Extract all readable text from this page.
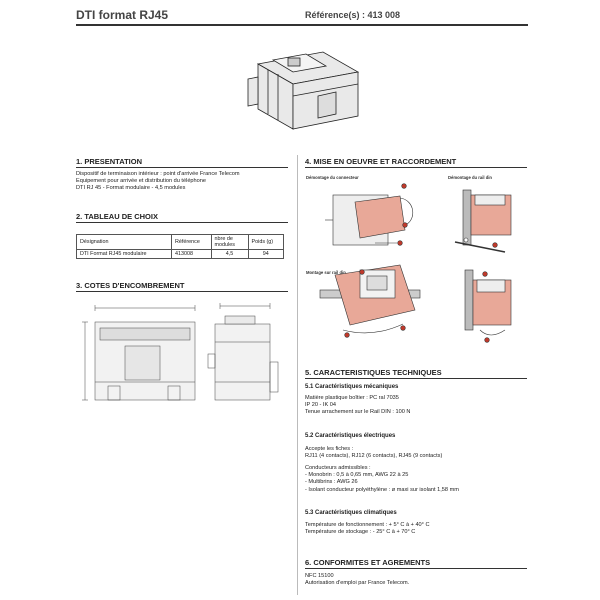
DTI format RJ45	Référence(s) : 413 008
1. PRESENTATION
Dispositif de terminaison intérieur : point d'arrivée France Telecom
Equipement pour arrivée et distribution du téléphone
DTI RJ 45 - Format modulaire - 4,5 modules
2. TABLEAU DE CHOIX
Désignation	Référence	nbre de modules	Poids (g)
DTI Format RJ45 modulaire	413008	4,5	94
3. COTES D'ENCOMBREMENT
4. MISE EN OEUVRE ET RACCORDEMENT
Démontage du connecteur	Démontage du rail din
Montage sur rail din
5. CARACTERISTIQUES TECHNIQUES
5.1 Caractéristiques mécaniques
Matière plastique boîtier : PC ral 7035
IP 20 - IK 04
Tenue arrachement sur le Rail DIN : 100 N
5.2 Caractéristiques électriques
Accepte les fiches :
RJ11 (4 contacts), RJ12 (6 contacts), RJ45 (9 contacts)
Conducteurs admissibles :
- Monobrin : 0,5 à 0,65 mm, AWG 22 à 25
- Multibrins : AWG 26
- Isolant conducteur polyéthylène : ø maxi sur isolant 1,58 mm
5.3 Caractéristiques climatiques
Température de fonctionnement : + 5° C à + 40° C
Température de stockage : - 25° C à + 70° C
6. CONFORMITES ET AGREMENTS
NFC 15100
Autorisation d'emploi par France Telecom.
